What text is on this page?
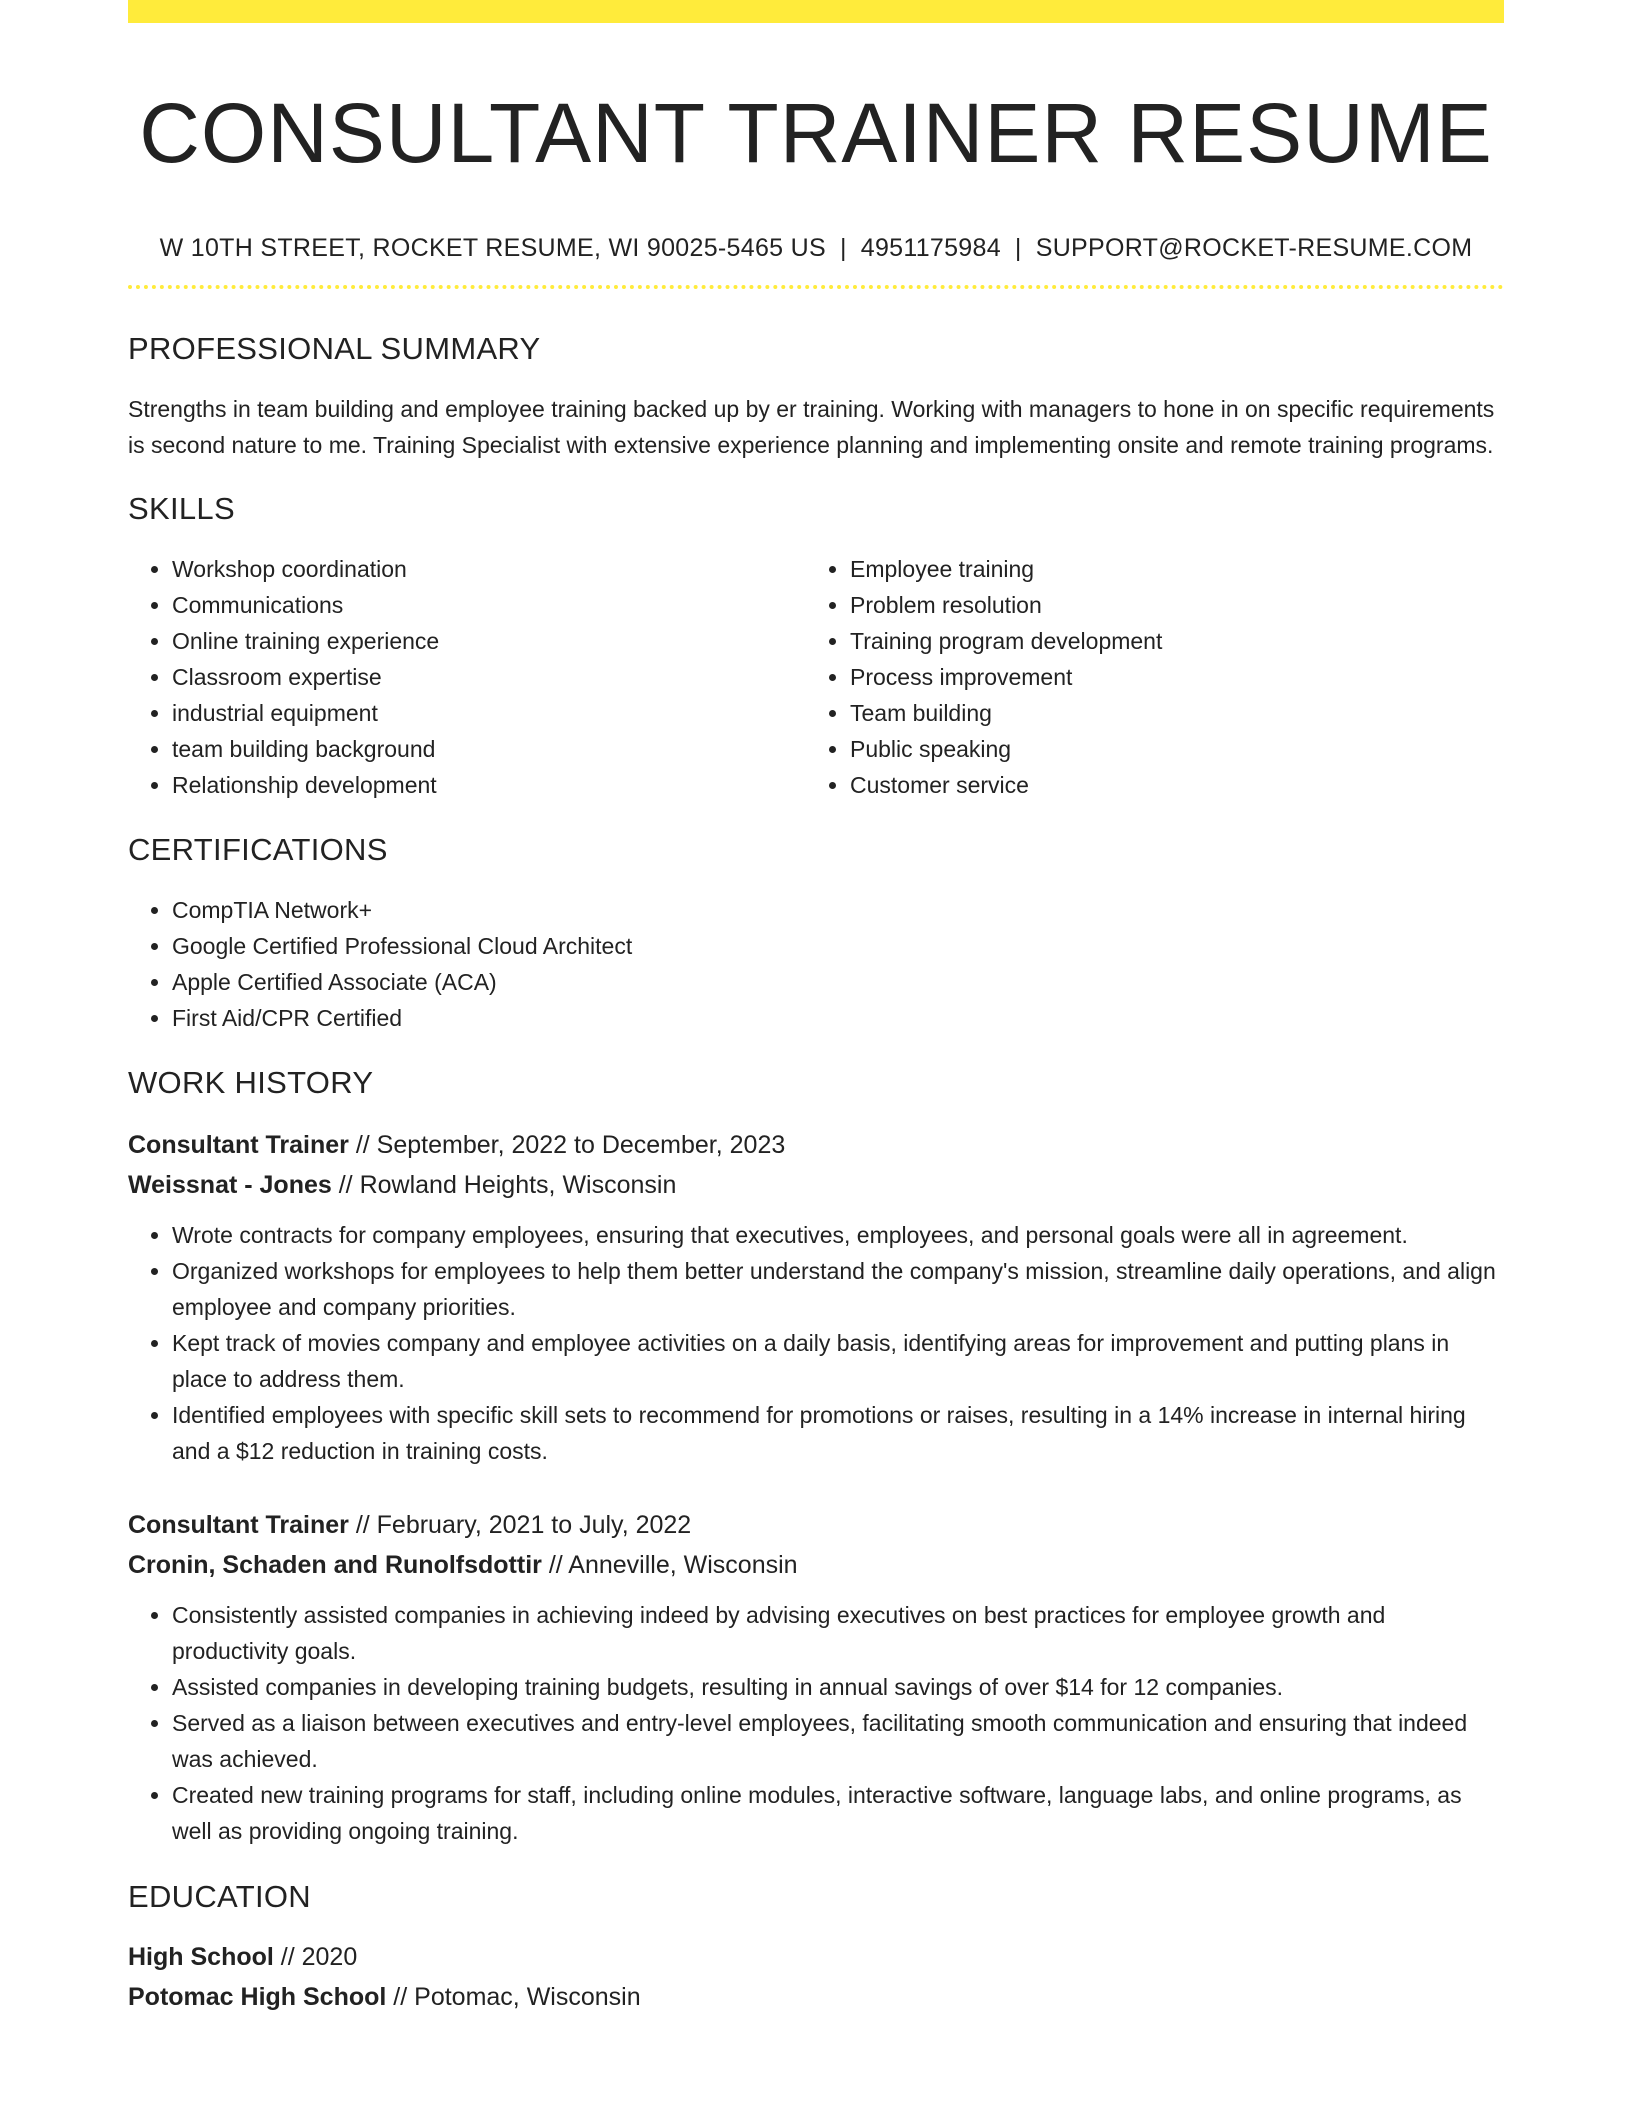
CONSULTANT TRAINER RESUME
W 10TH STREET, ROCKET RESUME, WI 90025-5465 US | 4951175984 | SUPPORT@ROCKET-RESUME.COM
PROFESSIONAL SUMMARY

Strengths in team building and employee training backed up by er training. Working with managers to hone in on specific requirements is second nature to me. Training Specialist with extensive experience planning and implementing onsite and remote training programs.

SKILLS
• Workshop coordination
• Communications
• Online training experience
• Classroom expertise
• industrial equipment
• team building background
• Relationship development
• Employee training
• Problem resolution
• Training program development
• Process improvement
• Team building
• Public speaking
• Customer service
CERTIFICATIONS
• CompTIA Network+
• Google Certified Professional Cloud Architect
• Apple Certified Associate (ACA)
• First Aid/CPR Certified
WORK HISTORY

Consultant Trainer // September, 2022 to December, 2023

Weissnat - Jones // Rowland Heights, Wisconsin

• Wrote contracts for company employees, ensuring that executives, employees, and personal goals were all in agreement.
• Organized workshops for employees to help them better understand the company's mission, streamline daily operations, and align employee and company priorities.
• Kept track of movies company and employee activities on a daily basis, identifying areas for improvement and putting plans in place to address them.
• Identified employees with specific skill sets to recommend for promotions or raises, resulting in a 14% increase in internal hiring and a $12 reduction in training costs.

Consultant Trainer // February, 2021 to July, 2022

Cronin, Schaden and Runolfsdottir // Anneville, Wisconsin

• Consistently assisted companies in achieving indeed by advising executives on best practices for employee growth and productivity goals.
• Assisted companies in developing training budgets, resulting in annual savings of over $14 for 12 companies.
• Served as a liaison between executives and entry-level employees, facilitating smooth communication and ensuring that indeed was achieved.
• Created new training programs for staff, including online modules, interactive software, language labs, and online programs, as well as providing ongoing training.
EDUCATION

High School // 2020

Potomac High School // Potomac, Wisconsin
